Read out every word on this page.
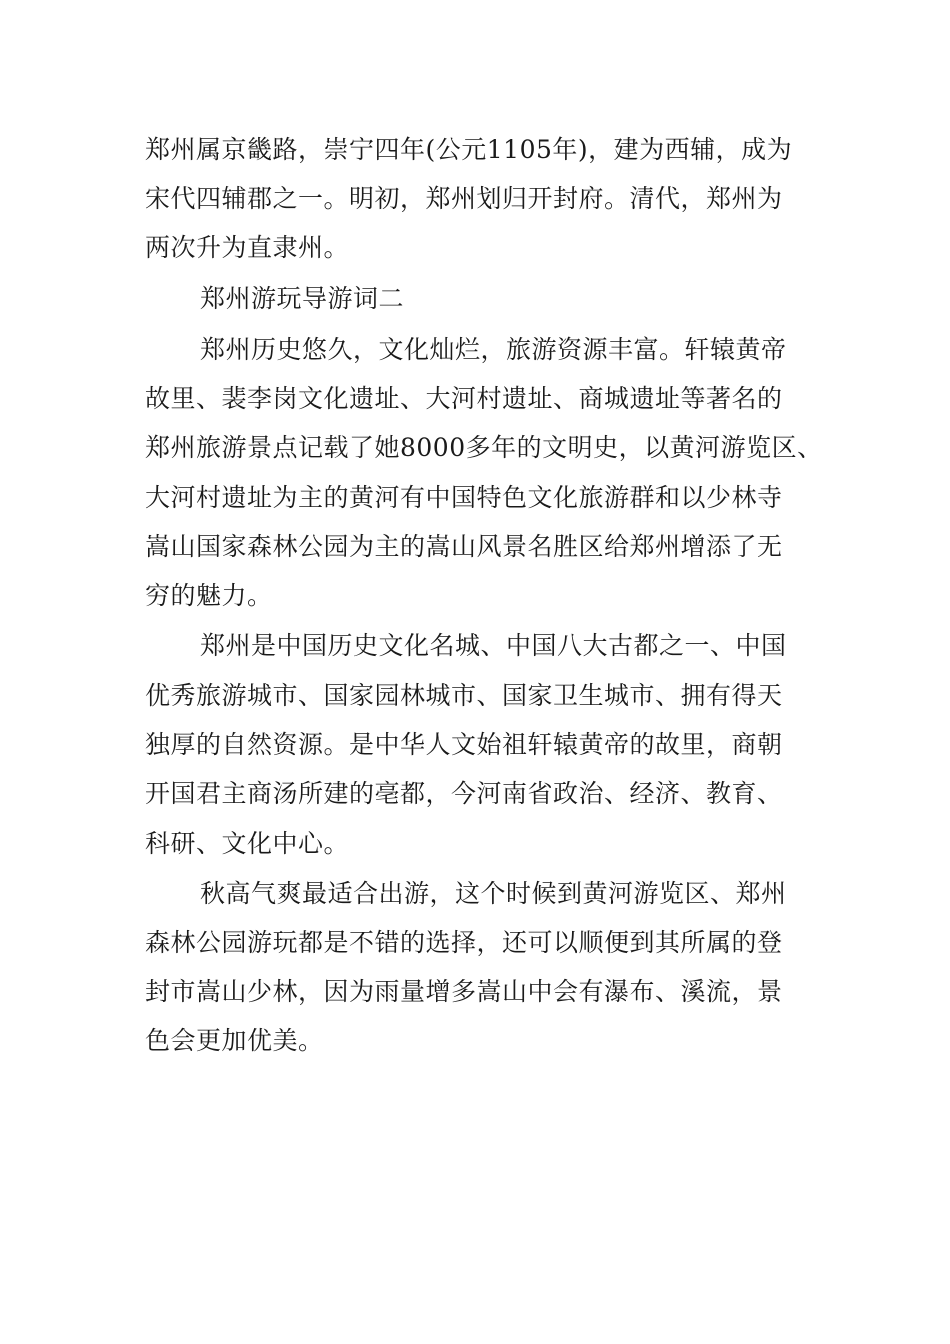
郑州属京畿路，崇宁四年(公元1105年)，建为西辅，成为
宋代四辅郡之一。明初，郑州划归开封府。清代，郑州为
两次升为直隶州。
郑州游玩导游词二
郑州历史悠久，文化灿烂，旅游资源丰富。轩辕黄帝
故里、裴李岗文化遗址、大河村遗址、商城遗址等著名的
郑州旅游景点记载了她8000多年的文明史，以黄河游览区、
大河村遗址为主的黄河有中国特色文化旅游群和以少林寺
嵩山国家森林公园为主的嵩山风景名胜区给郑州增添了无
穷的魅力。
郑州是中国历史文化名城、中国八大古都之一、中国
优秀旅游城市、国家园林城市、国家卫生城市、拥有得天
独厚的自然资源。是中华人文始祖轩辕黄帝的故里，商朝
开国君主商汤所建的亳都，今河南省政治、经济、教育、
科研、文化中心。
秋高气爽最适合出游，这个时候到黄河游览区、郑州
森林公园游玩都是不错的选择，还可以顺便到其所属的登
封市嵩山少林，因为雨量增多嵩山中会有瀑布、溪流，景
色会更加优美。
